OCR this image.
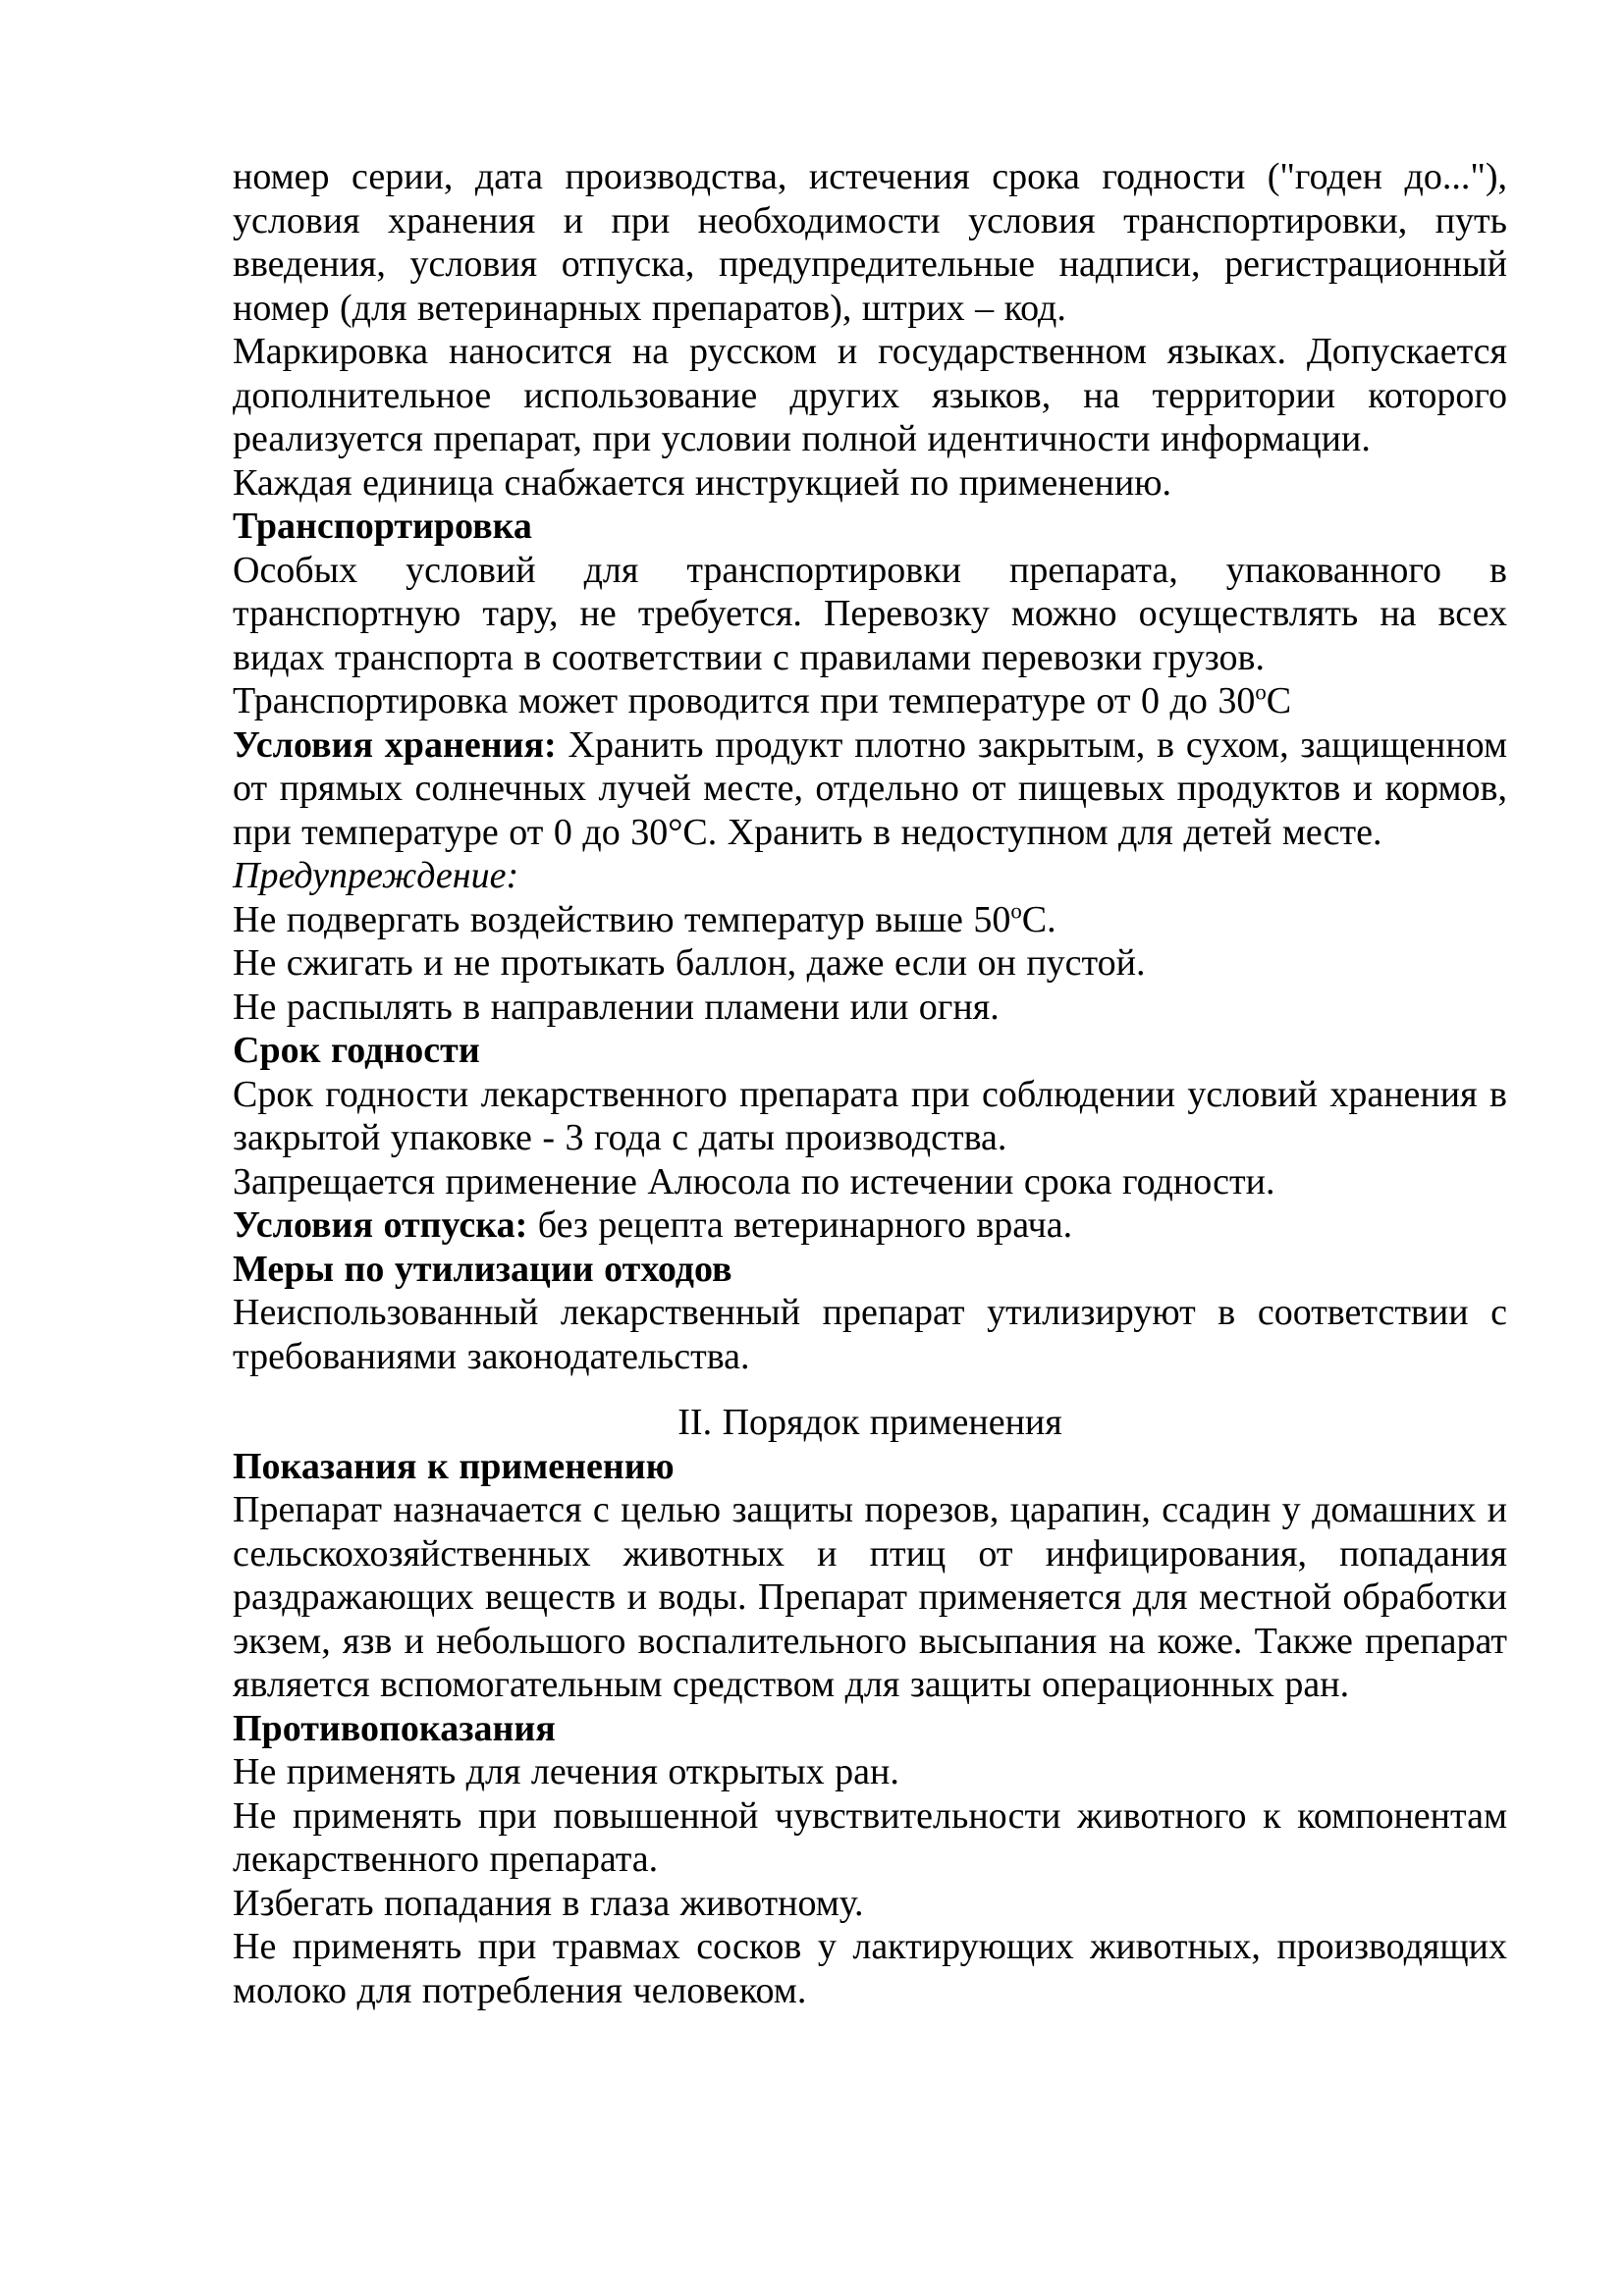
номер серии, дата производства, истечения срока годности ("годен до..."), условия хранения и при необходимости условия транспортировки, путь введения, условия отпуска, предупредительные надписи, регистрационный номер (для ветеринарных препаратов), штрих – код.

Маркировка наносится на русском и государственном языках. Допускается дополнительное использование других языков, на территории которого реализуется препарат, при условии полной идентичности информации.

Каждая единица снабжается инструкцией по применению.

Транспортировка

Особых условий для транспортировки препарата, упакованного в транспортную тару, не требуется. Перевозку можно осуществлять на всех видах транспорта в соответствии с правилами перевозки грузов.

Транспортировка может проводится при температуре от 0 до $30^оС$

Условия хранения: Хранить продукт плотно закрытым, в сухом, защищенном от прямых солнечных лучей месте, отдельно от пищевых продуктов и кормов, при температуре от 0 до 30°С. Хранить в недоступном для детей месте.

Предупреждение:

Не подвергать воздействию температур выше $50^оС$.

Не сжигать и не протыкать баллон, даже если он пустой.

Не распылять в направлении пламени или огня.

Срок годности

Срок годности лекарственного препарата при соблюдении условий хранения в закрытой упаковке - 3 года с даты производства.

Запрещается применение Алюсола по истечении срока годности.

Условия отпуска: без рецепта ветеринарного врача.

Меры по утилизации отходов

Неиспользованный лекарственный препарат утилизируют в соответствии с требованиями законодательства.

II. Порядок применения

Показания к применению

Препарат назначается с целью защиты порезов, царапин, ссадин у домашних и сельскохозяйственных животных и птиц от инфицирования, попадания раздражающих веществ и воды. Препарат применяется для местной обработки экзем, язв и небольшого воспалительного высыпания на коже. Также препарат является вспомогательным средством для защиты операционных ран.

Противопоказания

Не применять для лечения открытых ран.

Не применять при повышенной чувствительности животного к компонентам лекарственного препарата.

Избегать попадания в глаза животному.

Не применять при травмах сосков у лактирующих животных, производящих молоко для потребления человеком.
